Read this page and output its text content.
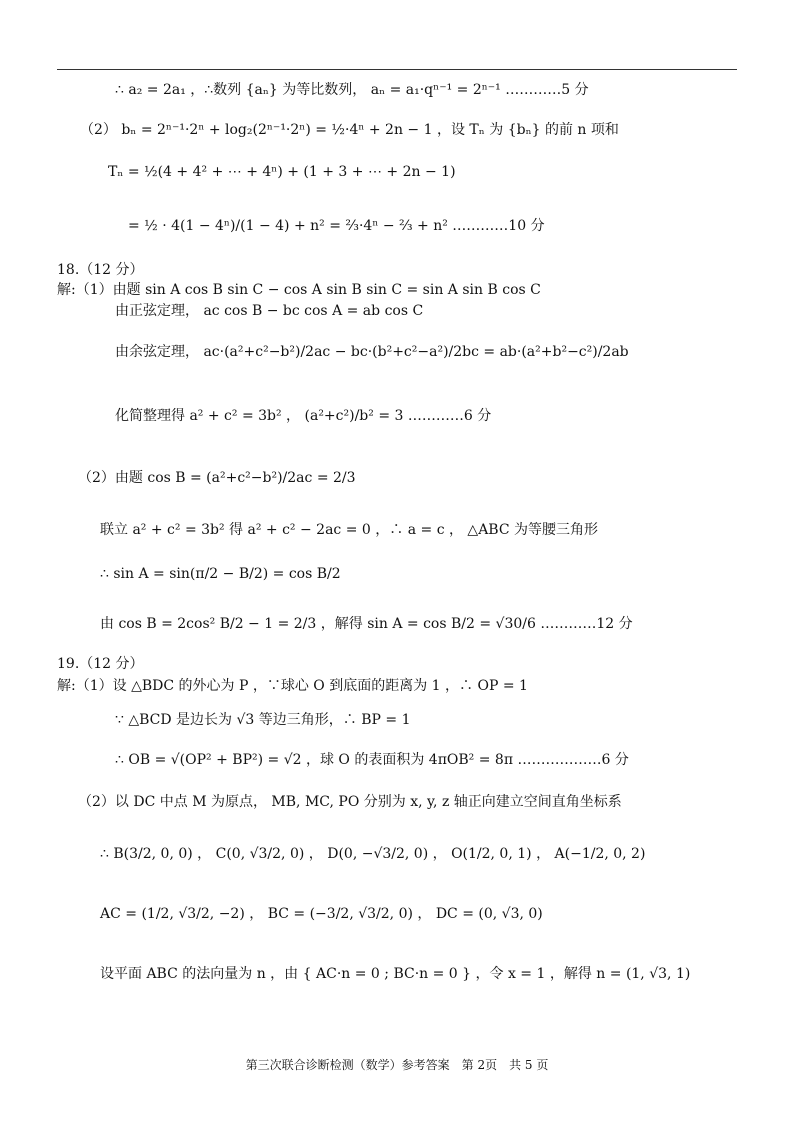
∴ a₂ = 2a₁ ，∴数列 {aₙ} 为等比数列， aₙ = a₁·qⁿ⁻¹ = 2ⁿ⁻¹ …………5 分
（2） bₙ = 2ⁿ⁻¹·2ⁿ + log₂(2ⁿ⁻¹·2ⁿ) = ½·4ⁿ + 2n − 1 ，设 Tₙ 为 {bₙ} 的前 n 项和
Tₙ = ½(4 + 4² + ⋯ + 4ⁿ) + (1 + 3 + ⋯ + 2n − 1)
= ½ · 4(1 − 4ⁿ)/(1 − 4) + n² = ⅔·4ⁿ − ⅔ + n² …………10 分
18.（12 分）
解:（1）由题 sin A cos B sin C − cos A sin B sin C = sin A sin B cos C
由正弦定理， ac cos B − bc cos A = ab cos C
由余弦定理， ac·(a²+c²−b²)/2ac − bc·(b²+c²−a²)/2bc = ab·(a²+b²−c²)/2ab
化简整理得 a² + c² = 3b² ， (a²+c²)/b² = 3 …………6 分
（2）由题 cos B = (a²+c²−b²)/2ac = 2/3
联立 a² + c² = 3b² 得 a² + c² − 2ac = 0 ，∴ a = c ， △ABC 为等腰三角形
∴ sin A = sin(π/2 − B/2) = cos B/2
由 cos B = 2cos² B/2 − 1 = 2/3 ，解得 sin A = cos B/2 = √30/6 …………12 分
19.（12 分）
解:（1）设 △BDC 的外心为 P ，∵球心 O 到底面的距离为 1 ，∴ OP = 1
∵ △BCD 是边长为 √3 等边三角形，∴ BP = 1
∴ OB = √(OP² + BP²) = √2 ，球 O 的表面积为 4πOB² = 8π ………………6 分
（2）以 DC 中点 M 为原点， MB, MC, PO 分别为 x, y, z 轴正向建立空间直角坐标系
∴ B(3/2, 0, 0) ， C(0, √3/2, 0) ， D(0, −√3/2, 0) ， O(1/2, 0, 1) ， A(−1/2, 0, 2)
AC = (1/2, √3/2, −2) ， BC = (−3/2, √3/2, 0) ， DC = (0, √3, 0)
设平面 ABC 的法向量为 n ，由 { AC·n = 0 ; BC·n = 0 } ，令 x = 1 ，解得 n = (1, √3, 1)
第三次联合诊断检测（数学）参考答案　第 2页　共 5 页
